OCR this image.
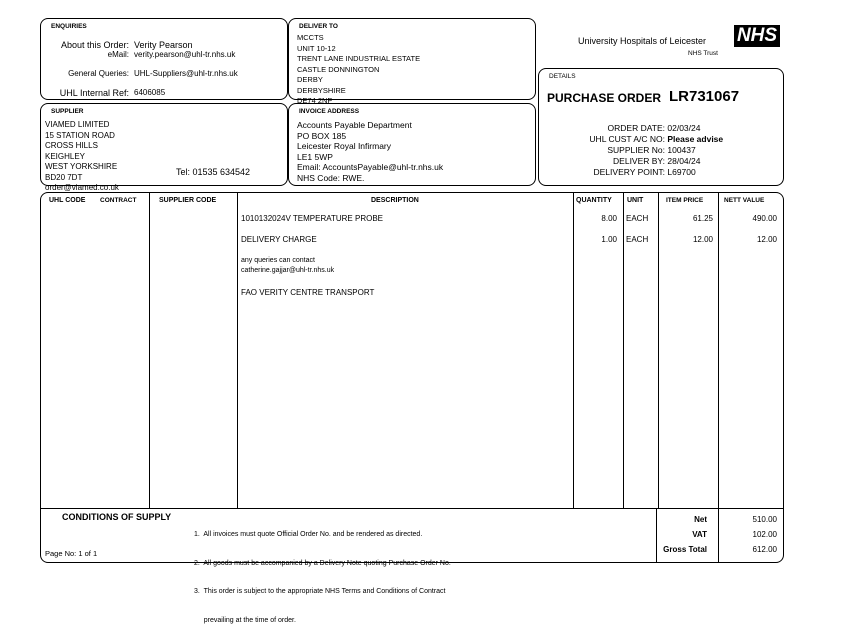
ENQUIRIES
About this Order: Verity Pearson
eMail: verity.pearson@uhl-tr.nhs.uk
General Queries: UHL-Suppliers@uhl-tr.nhs.uk
UHL Internal Ref: 6406085
SUPPLIER
VIAMED LIMITED
15 STATION ROAD
CROSS HILLS
KEIGHLEY
WEST YORKSHIRE
BD20 7DT
order@viamed.co.uk
Tel: 01535 634542
DELIVER TO
MCCTS
UNIT 10-12
TRENT LANE INDUSTRIAL ESTATE
CASTLE DONNINGTON
DERBY
DERBYSHIRE
DE74 2NP
INVOICE ADDRESS
Accounts Payable Department
PO BOX 185
Leicester Royal Infirmary
LE1 5WP
Email: AccountsPayable@uhl-tr.nhs.uk
NHS Code: RWE.
University Hospitals of Leicester NHS
NHS Trust
DETAILS
PURCHASE ORDER LR731067
ORDER DATE: 02/03/24
UHL CUST A/C NO: Please advise
SUPPLIER No: 100437
DELIVER BY: 28/04/24
DELIVERY POINT: L69700
UHL CODE CONTRACT	SUPPLIER CODE	DESCRIPTION	QUANTITY UNIT	ITEM PRICE	NETT VALUE
1010132024V TEMPERATURE PROBE	8.00 EACH	61.25	490.00
DELIVERY CHARGE	1.00 EACH	12.00	12.00
any queries can contact
catherine.gajjar@uhl-tr.nhs.uk
FAO VERITY CENTRE TRANSPORT
CONDITIONS OF SUPPLY

1.  All invoices must quote Official Order No. and be rendered as directed.

2.  All goods must be accompanied by a Delivery Note quoting Purchase Order No.

3.  This order is subject to the appropriate NHS Terms and Conditions of Contract

prevailing at the time of order.

Page No: 1 of 1
Net	510.00
VAT	102.00
Gross Total	612.00
